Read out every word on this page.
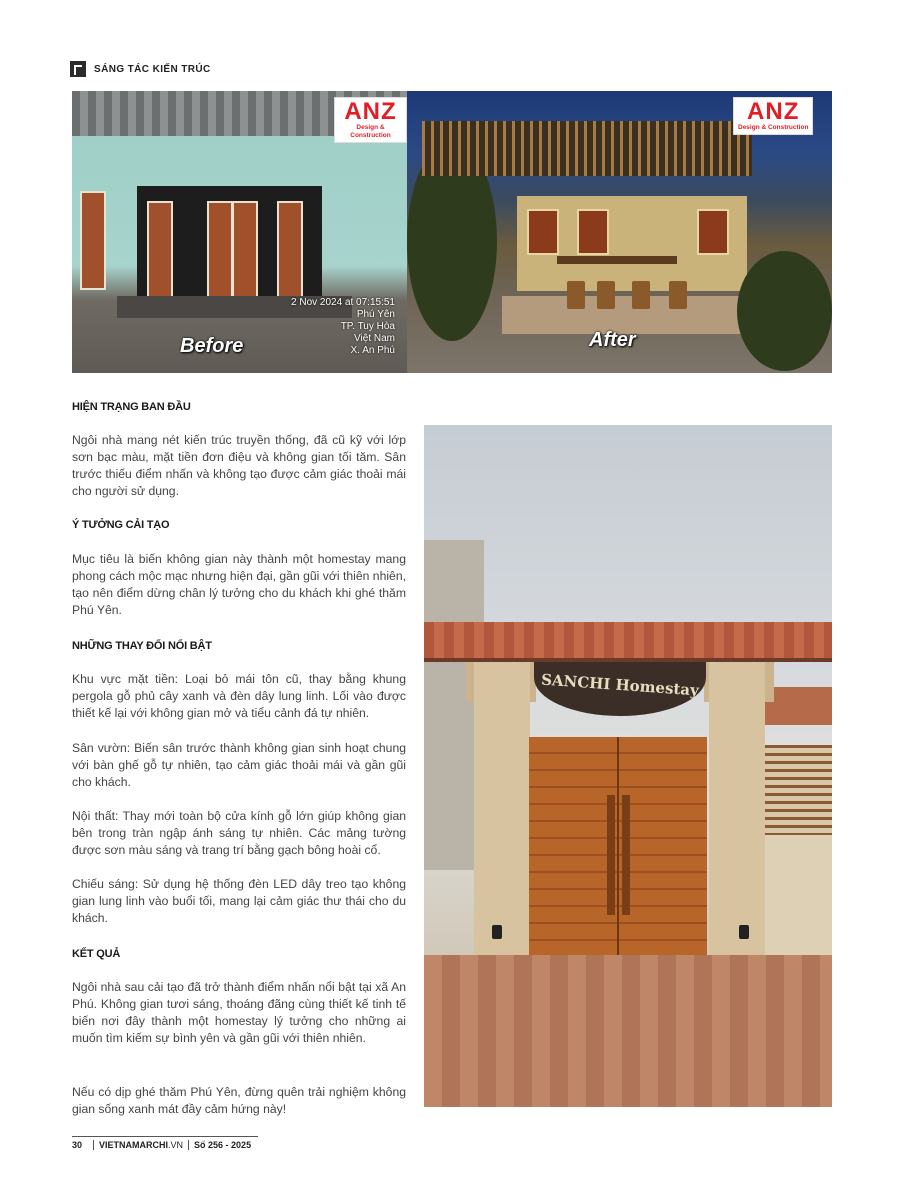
SÁNG TÁC KIẾN TRÚC
ANZ
Design & Construction
2 Nov 2024 at 07:15:51
Phú Yên
TP. Tuy Hòa
Việt Nam
X. An Phú
Before
ANZ
Design & Construction
After
HIỆN TRẠNG BAN ĐẦU

Ngôi nhà mang nét kiến trúc truyền thống, đã cũ kỹ với lớp sơn bạc màu, mặt tiền đơn điệu và không gian tối tăm. Sân trước thiếu điểm nhấn và không tạo được cảm giác thoải mái cho người sử dụng.

Ý TƯỞNG CẢI TẠO

Mục tiêu là biến không gian này thành một homestay mang phong cách mộc mạc nhưng hiện đại, gần gũi với thiên nhiên, tạo nên điểm dừng chân lý tưởng cho du khách khi ghé thăm Phú Yên.

NHỮNG THAY ĐỔI NỔI BẬT

Khu vực mặt tiền: Loại bỏ mái tôn cũ, thay bằng khung pergola gỗ phủ cây xanh và đèn dây lung linh. Lối vào được thiết kế lại với không gian mở và tiểu cảnh đá tự nhiên.

Sân vườn: Biến sân trước thành không gian sinh hoạt chung với bàn ghế gỗ tự nhiên, tạo cảm giác thoải mái và gần gũi cho khách.

Nội thất: Thay mới toàn bộ cửa kính gỗ lớn giúp không gian bên trong tràn ngập ánh sáng tự nhiên. Các mảng tường được sơn màu sáng và trang trí bằng gạch bông hoài cổ.

Chiếu sáng: Sử dụng hệ thống đèn LED dây treo tạo không gian lung linh vào buổi tối, mang lại cảm giác thư thái cho du khách.

KẾT QUẢ

Ngôi nhà sau cải tạo đã trở thành điểm nhấn nổi bật tại xã An Phú. Không gian tươi sáng, thoáng đãng cùng thiết kế tinh tế biến nơi đây thành một homestay lý tưởng cho những ai muốn tìm kiếm sự bình yên và gần gũi với thiên nhiên.

Nếu có dịp ghé thăm Phú Yên, đừng quên trải nghiệm không gian sống xanh mát đầy cảm hứng này!

SANCHI Homestay
30 VIETNAMARCHI.VN Số 256 - 2025
